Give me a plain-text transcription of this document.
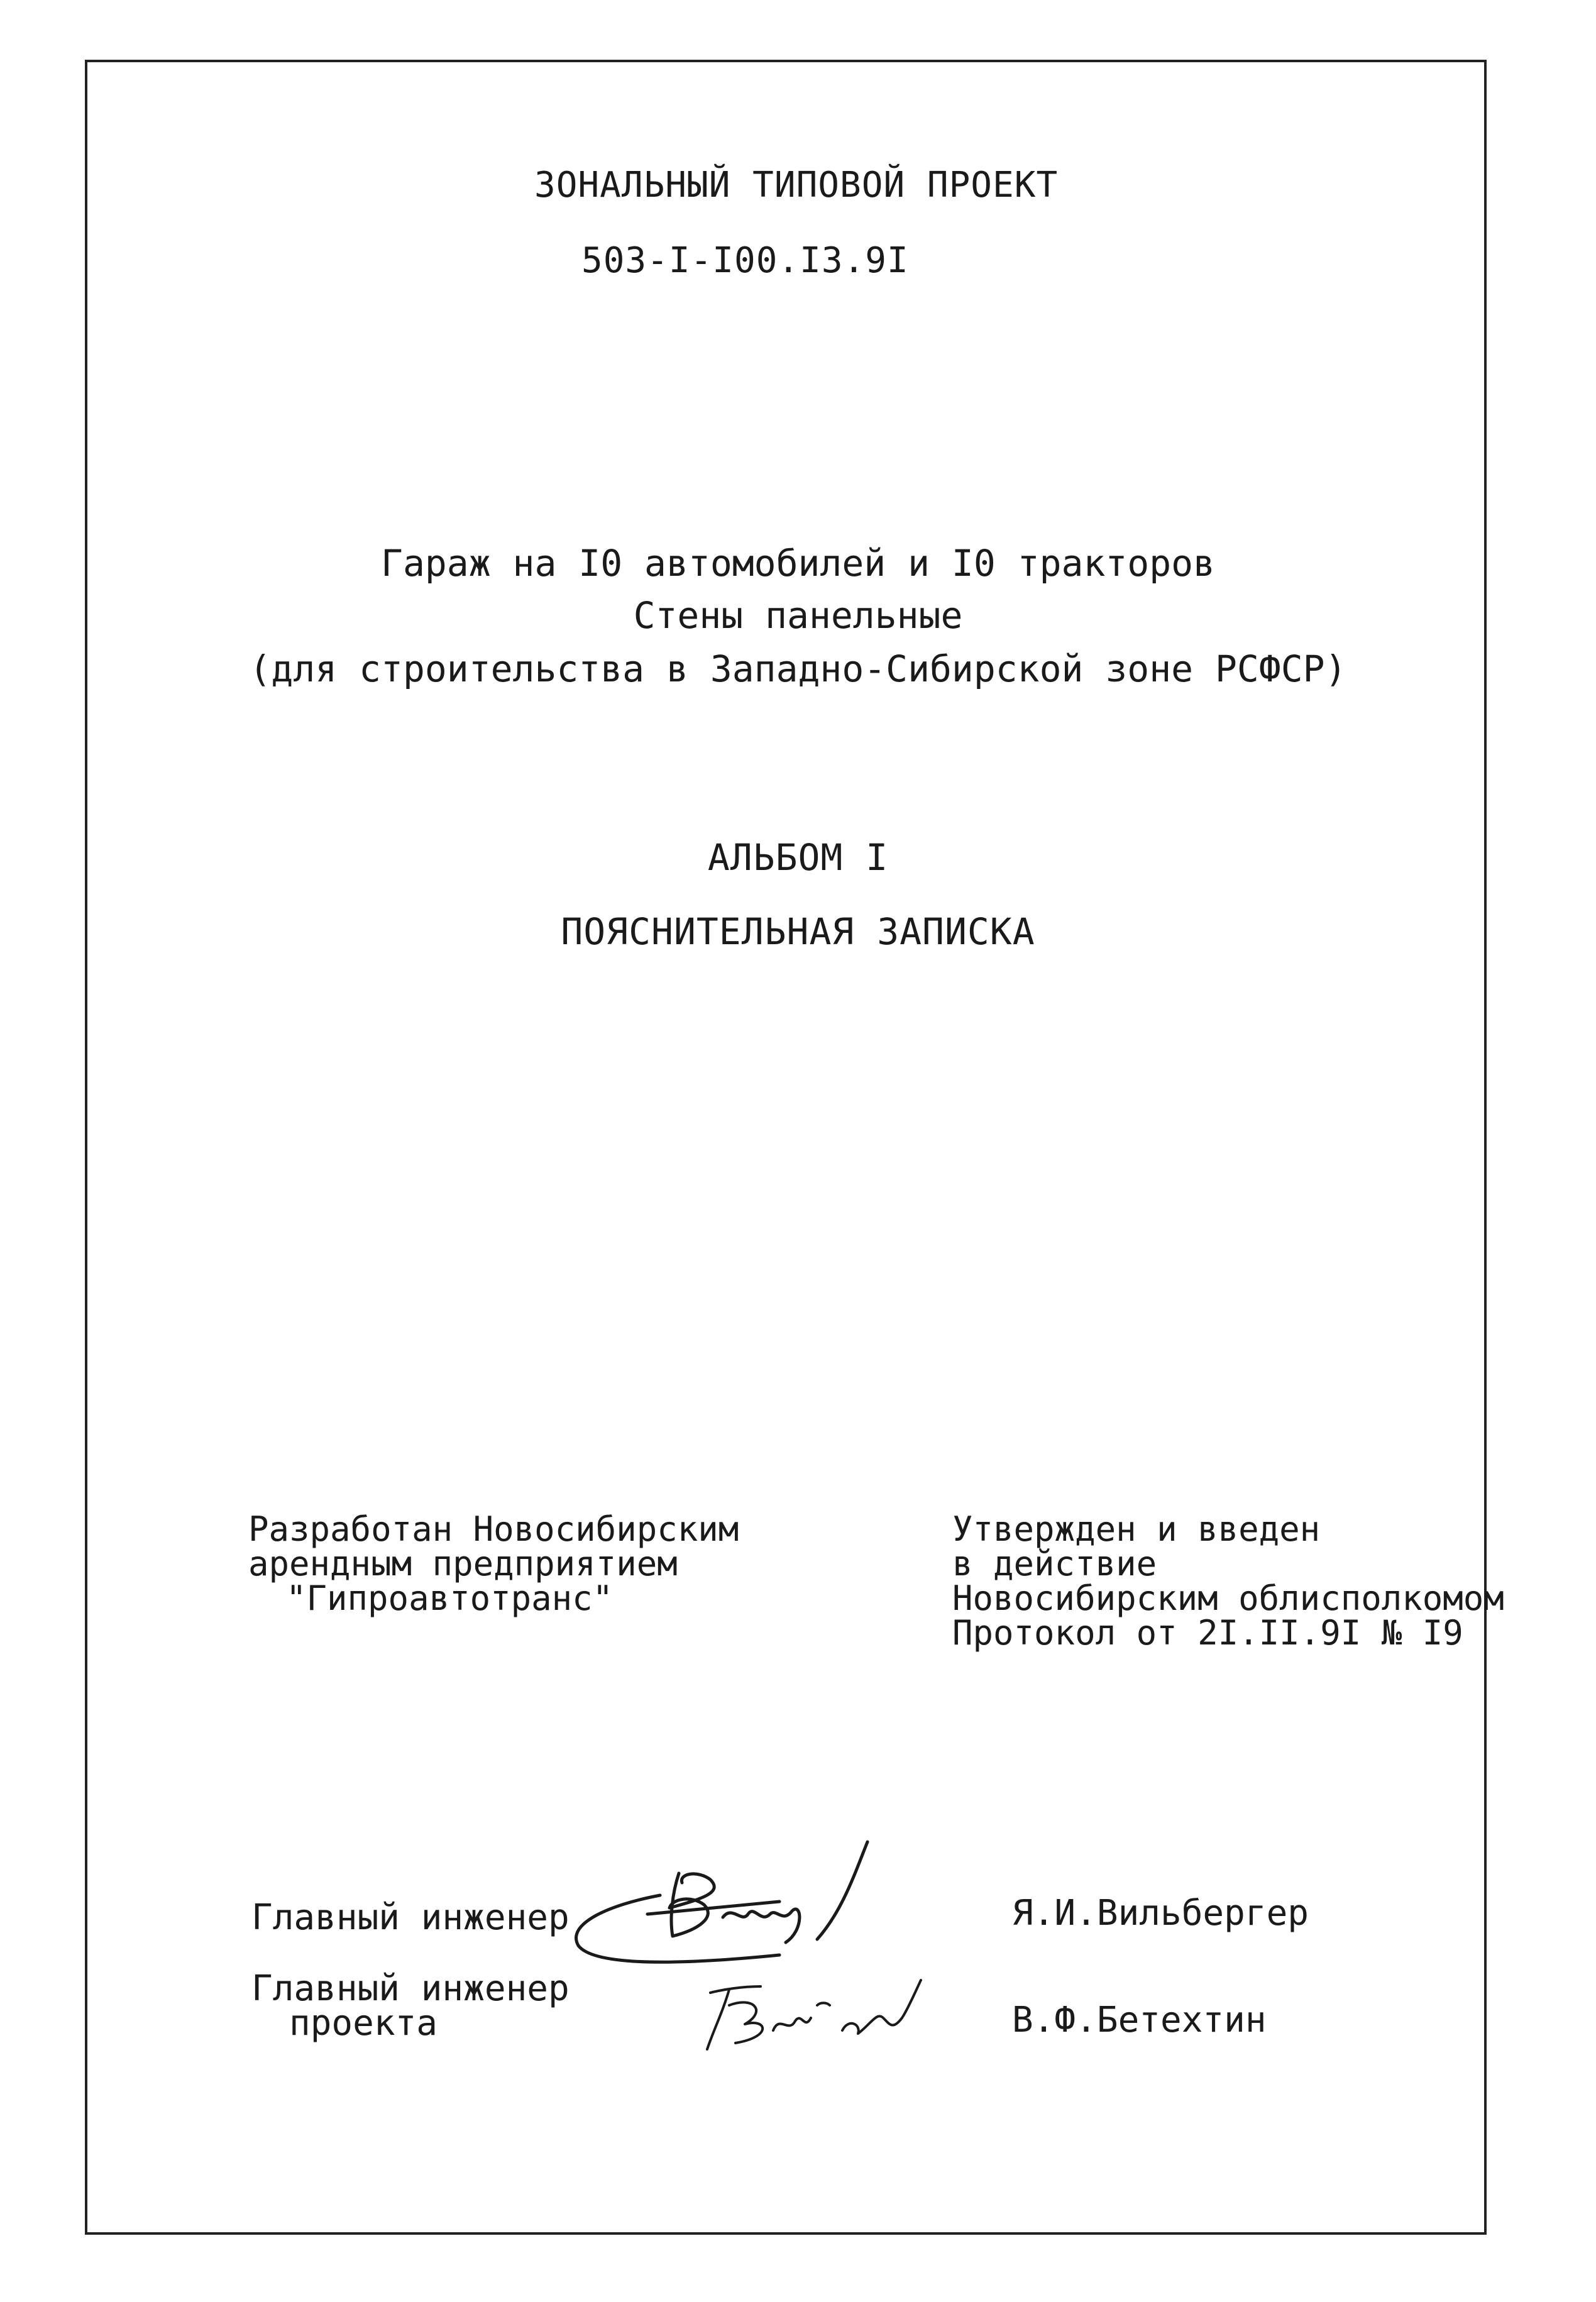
ЗОНАЛЬНЫЙ ТИПОВОЙ ПРОЕКТ
503-I-I00.I3.9I
Гараж на I0 автомобилей и I0 тракторов
Стены панельные
(для строительства в Западно-Сибирской зоне РСФСР)
АЛЬБОМ I
ПОЯСНИТЕЛЬНАЯ ЗАПИСКА
Разработан Новосибирским
арендным предприятием
"Гипроавтотранс"
Утвержден и введен
в действие
Новосибирским облисполкомом
Протокол от 2I.II.9I № I9
Главный инженер	Я.И.Вильбергер
Главный инженер
проекта	В.Ф.Бетехтин
